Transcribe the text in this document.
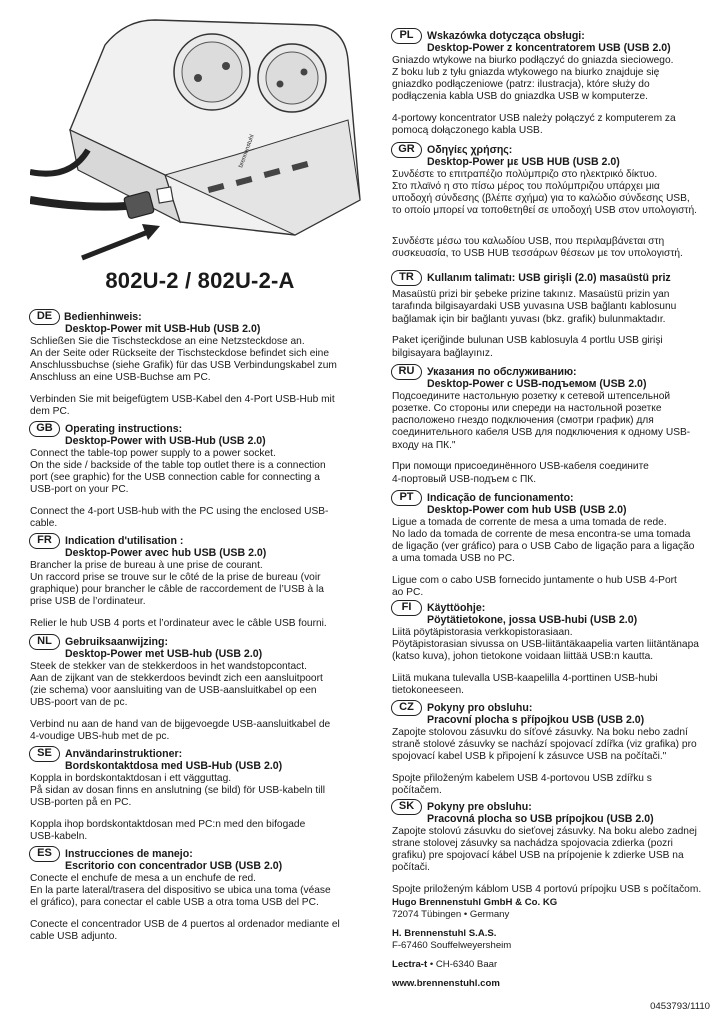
brennenstuhl
802U-2 / 802U-2-A
DE	Bedienhinweis:
Desktop-Power mit USB-Hub (USB 2.0)
Schließen Sie die Tischsteckdose an eine Netzsteckdose an.
An der Seite oder Rückseite der Tischsteckdose befindet sich eine
Anschlussbuchse (siehe Grafik) für das USB Verbindungskabel zum
Anschluss an eine USB-Buchse am PC.
Verbinden Sie mit beigefügtem USB-Kabel den 4-Port USB-Hub mit
dem PC.
GB	Operating instructions:
Desktop-Power with USB-Hub (USB 2.0)
Connect the table-top power supply to a power socket.
On the side / backside of the table top outlet there is a connection
port (see graphic) for the USB connection cable for connecting a
USB-port on your PC.
Connect the 4-port USB-hub with the PC using the enclosed USB-
cable.
FR	Indication d'utilisation :
Desktop-Power avec hub USB (USB 2.0)
Brancher la prise de bureau à une prise de courant.
Un raccord prise se trouve sur le côté de la prise de bureau (voir
graphique) pour brancher le câble de raccordement de l’USB à la
prise USB de l’ordinateur.
Relier le hub USB 4 ports et l’ordinateur avec le câble USB fourni.
NL	Gebruiksaanwijzing:
Desktop-Power met USB-hub (USB 2.0)
Steek de stekker van de stekkerdoos in het wandstopcontact.
Aan de zijkant van de stekkerdoos bevindt zich een aansluitpoort
(zie schema) voor aansluiting van de USB-aansluitkabel op een
UBS-poort van de pc.
Verbind nu aan de hand van de bijgevoegde USB-aansluitkabel de
4-voudige UBS-hub met de pc.
SE	Användarinstruktioner:
Bordskontaktdosa med USB-Hub (USB 2.0)
Koppla in bordskontaktdosan i ett vägguttag.
På sidan av dosan finns en anslutning (se bild) för USB-kabeln till
USB-porten på en PC.
Koppla ihop bordskontaktdosan med PC:n med den bifogade
USB-kabeln.
ES	Instrucciones de manejo:
Escritorio con concentrador USB (USB 2.0)
Conecte el enchufe de mesa a un enchufe de red.
En la parte lateral/trasera del dispositivo se ubica una toma (véase
el gráfico), para conectar el cable USB a otra toma USB del PC.
Conecte el concentrador USB de 4 puertos al ordenador mediante el
cable USB adjunto.
PL	Wskazówka dotycząca obsługi:
Desktop-Power z koncentratorem USB (USB 2.0)
Gniazdo wtykowe na biurko podłączyć do gniazda sieciowego.
Z boku lub z tyłu gniazda wtykowego na biurko znajduje się
gniazdko podłączeniowe (patrz: ilustracja), które służy do
podłączenia kabla USB do gniazdka USB w komputerze.
4-portowy koncentrator USB należy połączyć z komputerem za
pomocą dołączonego kabla USB.
GR	Οδηγίες χρήσης:
Desktop-Power με USB HUB (USB 2.0)
Συνδέστε το επιτραπέζιο πολύμπριζο στο ηλεκτρικό δίκτυο.
Στο πλαϊνό η στο πίσω μέρος του πολύμπριζου υπάρχει μια
υποδοχή σύνδεσης (βλέπε σχήμα) για το καλώδιο σύνδεσης USB,
το οποίο μπορεί να τοποθετηθεί σε υποδοχή USB στον υπολογιστή.
Συνδέστε μέσω του καλωδίου USB, που περιλαμβάνεται στη
συσκευασία, το USB HUB τεσσάρων θέσεων με τον υπολογιστή.
TR	Kullanım talimatı: USB girişli (2.0) masaüstü priz
Masaüstü prizi bir şebeke prizine takınız. Masaüstü prizin yan
tarafında bilgisayardaki USB yuvasına USB bağlantı kablosunu
bağlamak için bir bağlantı yuvası (bkz. grafik) bulunmaktadır.
Paket içeriğinde bulunan USB kablosuyla 4 portlu USB girişi
bilgisayara bağlayınız.
RU	Указания по обслуживанию:
Desktop-Power с USB-подъемом (USB 2.0)
Подсоедините настольную розетку к сетевой штепсельной
розетке. Со стороны или спереди на настольной розетке
расположено гнездо подключения (смотри график) для
соединительного кабеля USB для подключения к одному USB-
входу на ПК."
При помощи присоединённого USB-кабеля соедините
4-портовый USB-подъем с ПК.
PT	Indicação de funcionamento:
Desktop-Power com hub USB (USB 2.0)
Ligue a tomada de corrente de mesa a uma tomada de rede.
No lado da tomada de corrente de mesa encontra-se uma tomada
de ligação (ver gráfico) para o USB Cabo de ligação para a ligação
a uma tomada USB no PC.
Ligue com o cabo USB fornecido juntamente o hub USB 4-Port
ao PC.
FI	Käyttöohje:
Pöytätietokone, jossa USB-hubi (USB 2.0)
Liitä pöytäpistorasia verkkopistorasiaan.
Pöytäpistorasian sivussa on USB-liitäntäkaapelia varten liitäntänapa
(katso kuva), johon tietokone voidaan liittää USB:n kautta.
Liitä mukana tulevalla USB-kaapelilla 4-porttinen USB-hubi
tietokoneeseen.
CZ	Pokyny pro obsluhu:
Pracovní plocha s přípojkou USB (USB 2.0)
Zapojte stolovou zásuvku do síťové zásuvky. Na boku nebo zadní
straně stolové zásuvky se nachází spojovací zdířka (viz grafika) pro
spojovací kabel USB k připojení k zásuvce USB na počítači."
Spojte přiloženým kabelem USB 4-portovou USB zdířku s
počítačem.
SK	Pokyny pre obsluhu:
Pracovná plocha so USB prípojkou (USB 2.0)
Zapojte stolovú zásuvku do sieťovej zásuvky. Na boku alebo zadnej
strane stolovej zásuvky sa nachádza spojovacia zdierka (pozri
grafiku) pre spojovací kábel USB na prípojenie k zdierke USB na
počítači.
Spojte priloženým káblom USB 4 portovú prípojku USB s počítačom.
Hugo Brennenstuhl GmbH & Co. KG
72074 Tübingen • Germany
H. Brennenstuhl S.A.S.
F-67460 Souffelweyersheim
Lectra-t • CH-6340 Baar
www.brennenstuhl.com
0453793/1110
